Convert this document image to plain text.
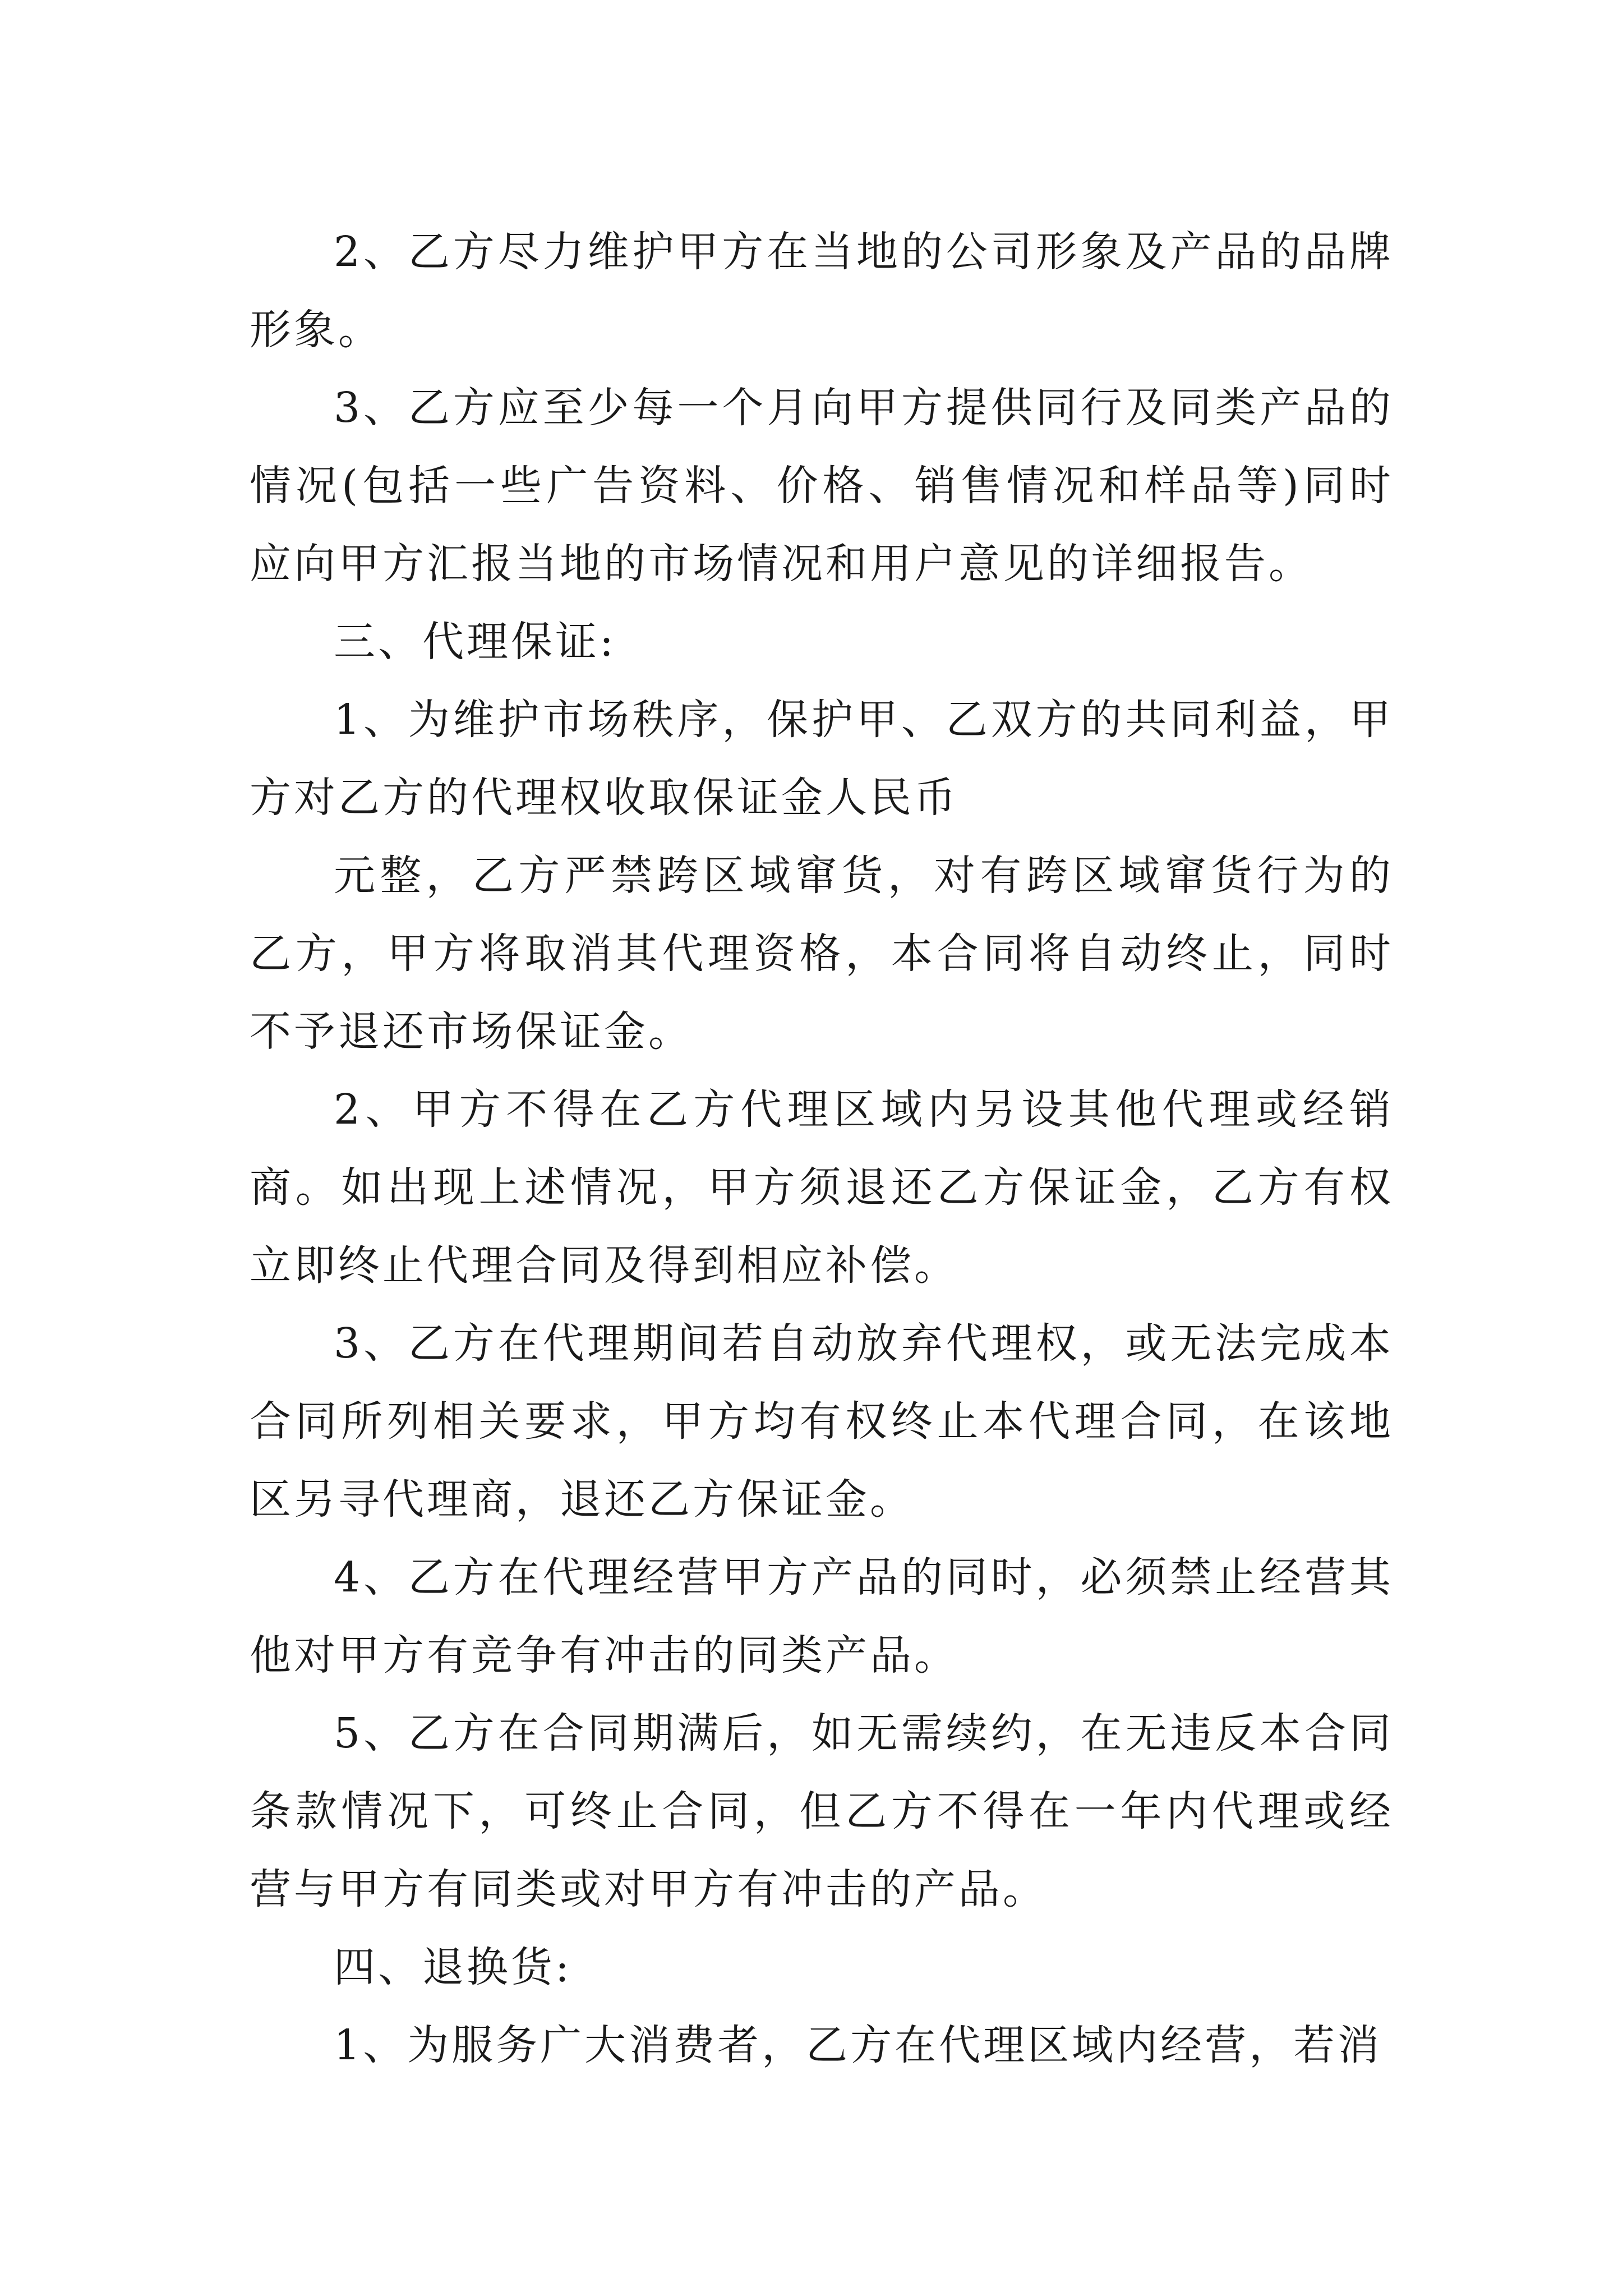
2、乙方尽力维护甲方在当地的公司形象及产品的品牌形象。

3、乙方应至少每一个月向甲方提供同行及同类产品的情况(包括一些广告资料、价格、销售情况和样品等)同时应向甲方汇报当地的市场情况和用户意见的详细报告。

三、代理保证:

1、为维护市场秩序，保护甲、乙双方的共同利益，甲方对乙方的代理权收取保证金人民币

元整，乙方严禁跨区域窜货，对有跨区域窜货行为的乙方，甲方将取消其代理资格，本合同将自动终止，同时不予退还市场保证金。

2、甲方不得在乙方代理区域内另设其他代理或经销商。如出现上述情况，甲方须退还乙方保证金，乙方有权立即终止代理合同及得到相应补偿。

3、乙方在代理期间若自动放弃代理权，或无法完成本合同所列相关要求，甲方均有权终止本代理合同，在该地区另寻代理商，退还乙方保证金。

4、乙方在代理经营甲方产品的同时，必须禁止经营其他对甲方有竞争有冲击的同类产品。

5、乙方在合同期满后，如无需续约，在无违反本合同条款情况下，可终止合同，但乙方不得在一年内代理或经营与甲方有同类或对甲方有冲击的产品。

四、退换货:

1、为服务广大消费者，乙方在代理区域内经营，若消
